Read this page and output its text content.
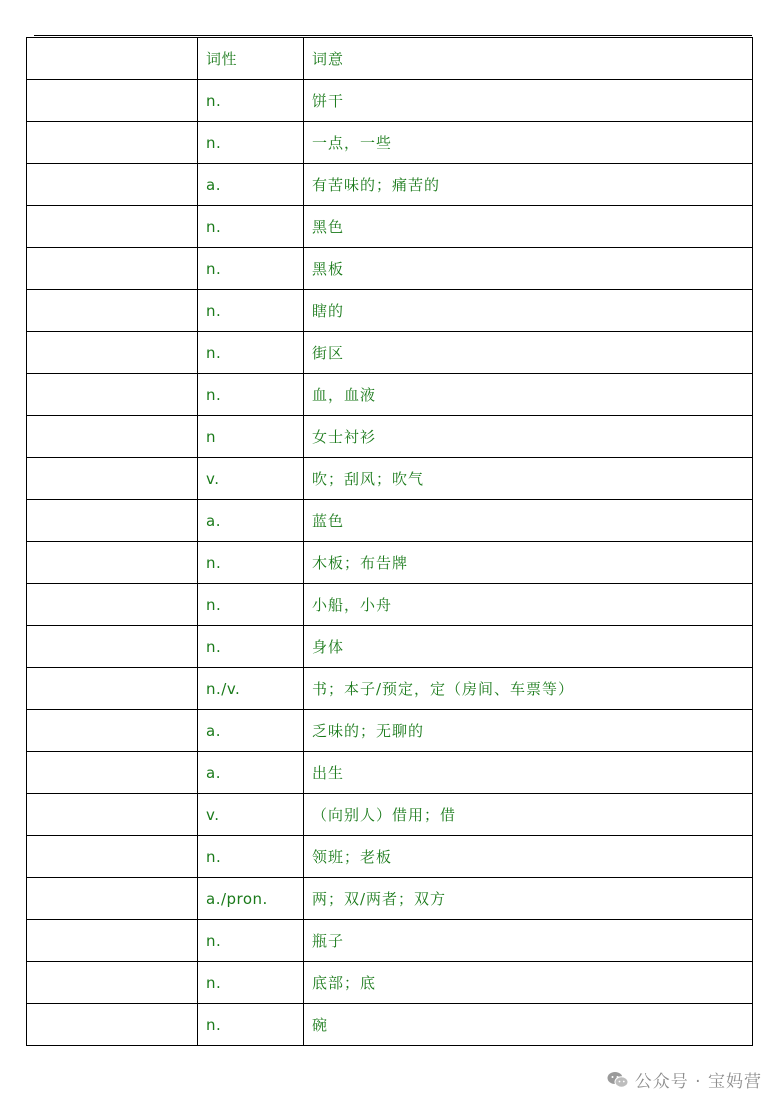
	词性	词意
	n.	饼干
	n.	一点，一些
	a.	有苦味的；痛苦的
	n.	黑色
	n.	黑板
	n.	瞎的
	n.	街区
	n.	血，血液
	n	女士衬衫
	v.	吹；刮风；吹气
	a.	蓝色
	n.	木板；布告牌
	n.	小船，小舟
	n.	身体
	n./v.	书；本子/预定，定（房间、车票等）
	a.	乏味的；无聊的
	a.	出生
	v.	（向别人）借用；借
	n.	领班；老板
	a./pron.	两；双/两者；双方
	n.	瓶子
	n.	底部；底
	n.	碗
公众号 · 宝妈营
